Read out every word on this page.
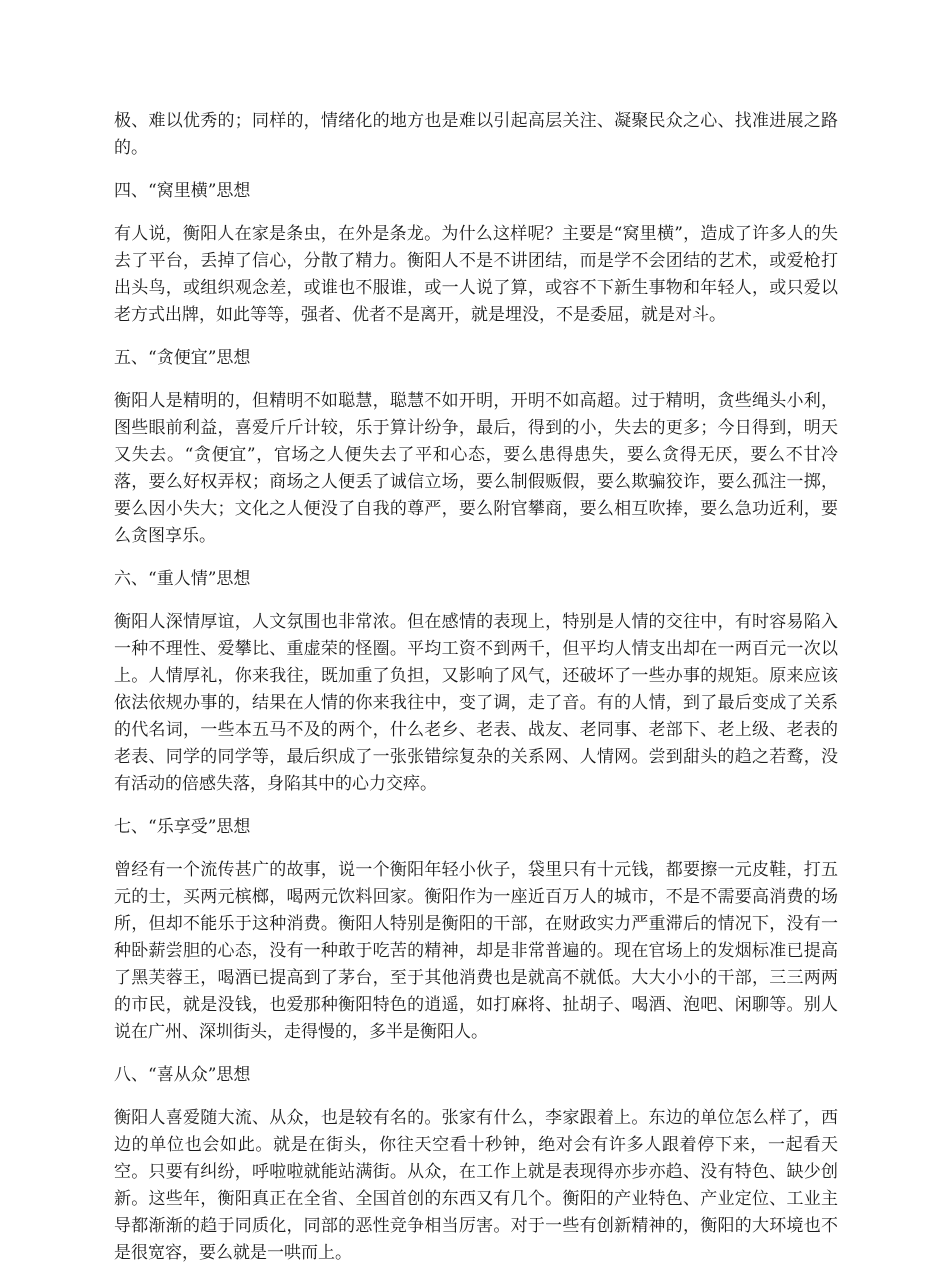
极、难以优秀的；同样的，情绪化的地方也是难以引起高层关注、凝聚民众之心、找准进展之路的。

四、“窝里横”思想

有人说，衡阳人在家是条虫，在外是条龙。为什么这样呢？主要是“窝里横”，造成了许多人的失去了平台，丢掉了信心，分散了精力。衡阳人不是不讲团结，而是学不会团结的艺术，或爱枪打出头鸟，或组织观念差，或谁也不服谁，或一人说了算，或容不下新生事物和年轻人，或只爱以老方式出牌，如此等等，强者、优者不是离开，就是埋没，不是委屈，就是对斗。

五、“贪便宜”思想

衡阳人是精明的，但精明不如聪慧，聪慧不如开明，开明不如高超。过于精明，贪些绳头小利，图些眼前利益，喜爱斤斤计较，乐于算计纷争，最后，得到的小，失去的更多；今日得到，明天又失去。“贪便宜”，官场之人便失去了平和心态，要么患得患失，要么贪得无厌，要么不甘冷落，要么好权弄权；商场之人便丢了诚信立场，要么制假贩假，要么欺骗狡诈，要么孤注一掷，要么因小失大；文化之人便没了自我的尊严，要么附官攀商，要么相互吹捧，要么急功近利，要么贪图享乐。

六、“重人情”思想

衡阳人深情厚谊，人文氛围也非常浓。但在感情的表现上，特别是人情的交往中，有时容易陷入一种不理性、爱攀比、重虚荣的怪圈。平均工资不到两千，但平均人情支出却在一两百元一次以上。人情厚礼，你来我往，既加重了负担，又影响了风气，还破坏了一些办事的规矩。原来应该依法依规办事的，结果在人情的你来我往中，变了调，走了音。有的人情，到了最后变成了关系的代名词，一些本五马不及的两个，什么老乡、老表、战友、老同事、老部下、老上级、老表的老表、同学的同学等，最后织成了一张张错综复杂的关系网、人情网。尝到甜头的趋之若鹜，没有活动的倍感失落，身陷其中的心力交瘁。

七、“乐享受”思想

曾经有一个流传甚广的故事，说一个衡阳年轻小伙子，袋里只有十元钱，都要擦一元皮鞋，打五元的士，买两元槟榔，喝两元饮料回家。衡阳作为一座近百万人的城市，不是不需要高消费的场所，但却不能乐于这种消费。衡阳人特别是衡阳的干部，在财政实力严重滞后的情况下，没有一种卧薪尝胆的心态，没有一种敢于吃苦的精神，却是非常普遍的。现在官场上的发烟标准已提高了黑芙蓉王，喝酒已提高到了茅台，至于其他消费也是就高不就低。大大小小的干部，三三两两的市民，就是没钱，也爱那种衡阳特色的逍遥，如打麻将、扯胡子、喝酒、泡吧、闲聊等。别人说在广州、深圳街头，走得慢的，多半是衡阳人。

八、“喜从众”思想

衡阳人喜爱随大流、从众，也是较有名的。张家有什么，李家跟着上。东边的单位怎么样了，西边的单位也会如此。就是在街头，你往天空看十秒钟，绝对会有许多人跟着停下来，一起看天空。只要有纠纷，呼啦啦就能站满街。从众，在工作上就是表现得亦步亦趋、没有特色、缺少创新。这些年，衡阳真正在全省、全国首创的东西又有几个。衡阳的产业特色、产业定位、工业主导都渐渐的趋于同质化，同部的恶性竞争相当厉害。对于一些有创新精神的，衡阳的大环境也不是很宽容，要么就是一哄而上。
